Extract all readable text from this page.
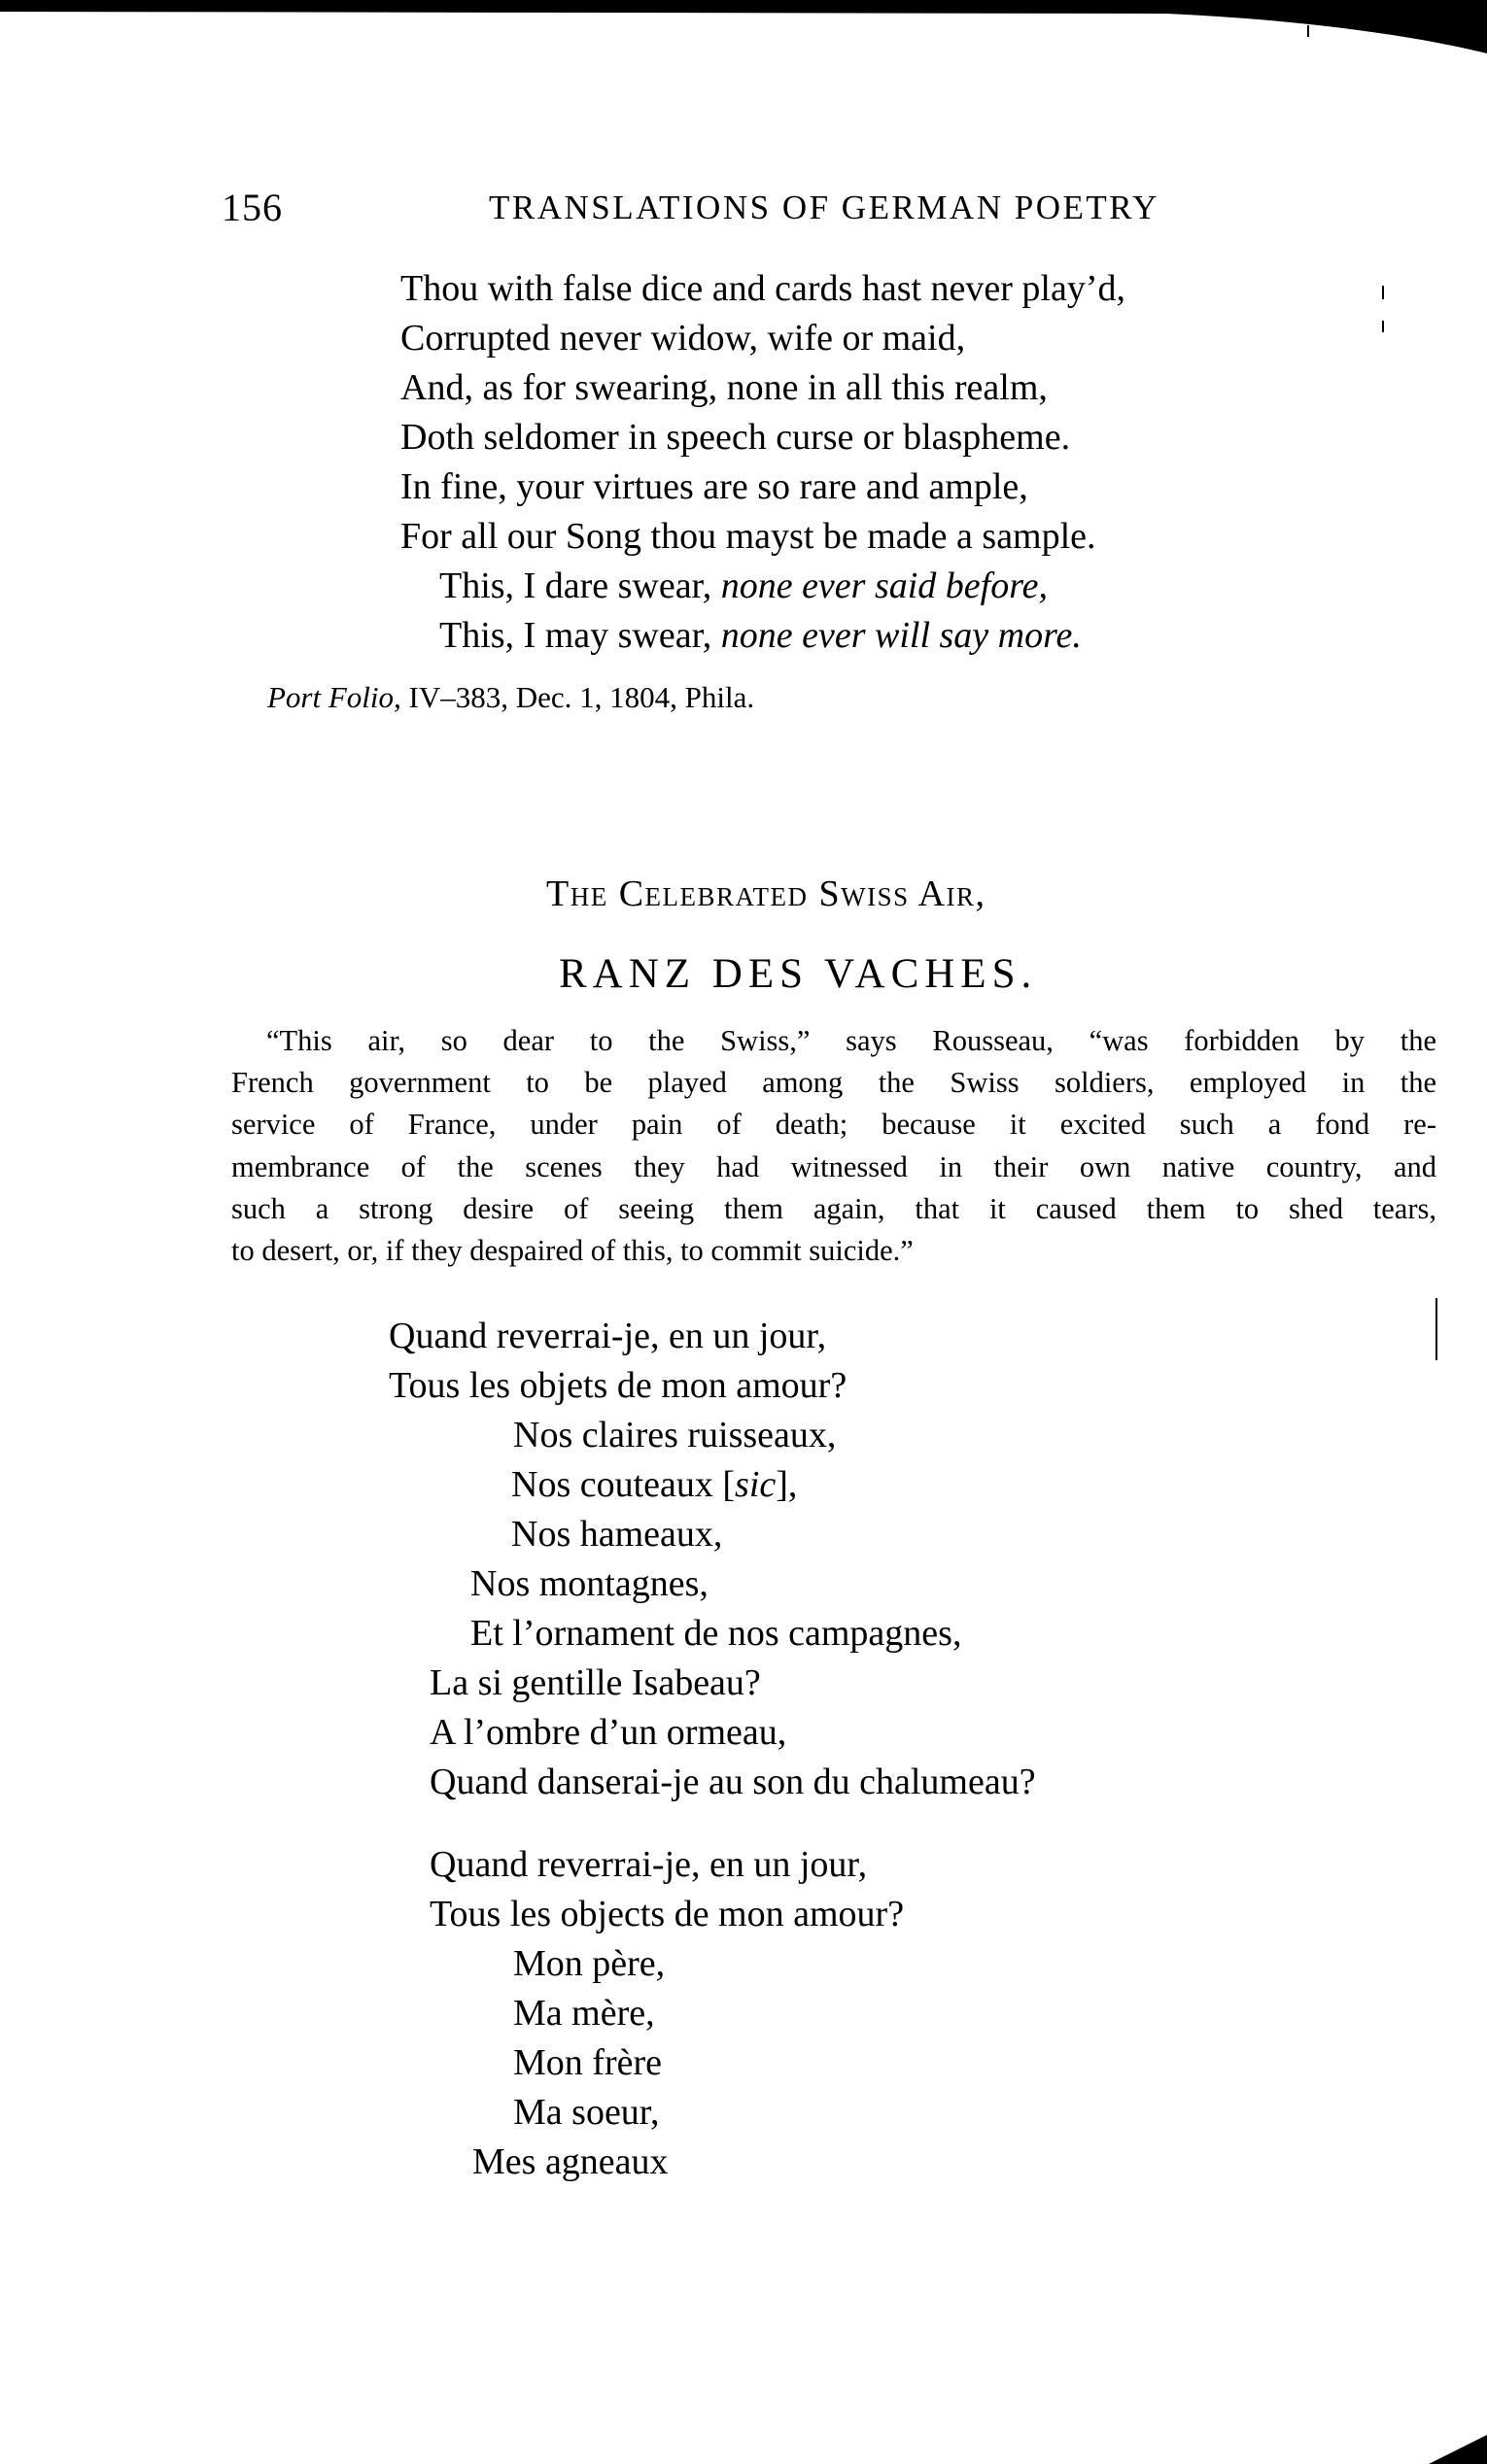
156	TRANSLATIONS OF GERMAN POETRY
Thou with false dice and cards hast never play’d,
Corrupted never widow, wife or maid,
And, as for swearing, none in all this realm,
Doth seldomer in speech curse or blaspheme.
In fine, your virtues are so rare and ample,
For all our Song thou mayst be made a sample.
This, I dare swear, none ever said before,
This, I may swear, none ever will say more.
Port Folio, IV–383, Dec. 1, 1804, Phila.
The Celebrated Swiss Air,
RANZ DES VACHES.
“This air, so dear to the Swiss,” says Rousseau, “was forbidden by the
French government to be played among the Swiss soldiers, employed in the
service of France, under pain of death; because it excited such a fond re-
membrance of the scenes they had witnessed in their own native country, and
such a strong desire of seeing them again, that it caused them to shed tears,
to desert, or, if they despaired of this, to commit suicide.”
Quand reverrai-je, en un jour,
Tous les objets de mon amour?
Nos claires ruisseaux,
Nos couteaux [sic],
Nos hameaux,
Nos montagnes,
Et l’ornament de nos campagnes,
La si gentille Isabeau?
A l’ombre d’un ormeau,
Quand danserai-je au son du chalumeau?
Quand reverrai-je, en un jour,
Tous les objects de mon amour?
Mon père,
Ma mère,
Mon frère
Ma soeur,
Mes agneaux
